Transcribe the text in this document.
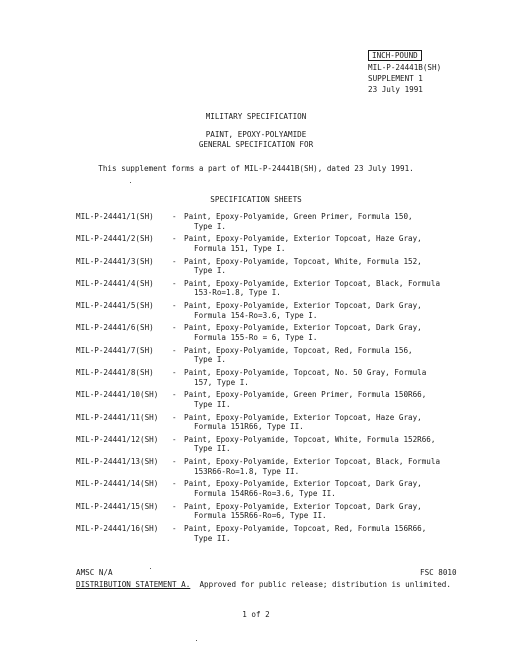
INCH-POUND
MIL-P-24441B(SH)
SUPPLEMENT 1
23 July 1991
MILITARY SPECIFICATION
PAINT, EPOXY-POLYAMIDE
GENERAL SPECIFICATION FOR
This supplement forms a part of MIL-P-24441B(SH), dated 23 July 1991.
SPECIFICATION SHEETS
MIL-P-24441/1(SH)	- Paint, Epoxy-Polyamide, Green Primer, Formula 150,
Type I.
MIL-P-24441/2(SH)	- Paint, Epoxy-Polyamide, Exterior Topcoat, Haze Gray,
Formula 151, Type I.
MIL-P-24441/3(SH)	- Paint, Epoxy-Polyamide, Topcoat, White, Formula 152,
Type I.
MIL-P-24441/4(SH)	- Paint, Epoxy-Polyamide, Exterior Topcoat, Black, Formula
153-Ro=1.8, Type I.
MIL-P-24441/5(SH)	- Paint, Epoxy-Polyamide, Exterior Topcoat, Dark Gray,
Formula 154-Ro=3.6, Type I.
MIL-P-24441/6(SH)	- Paint, Epoxy-Polyamide, Exterior Topcoat, Dark Gray,
Formula 155-Ro = 6, Type I.
MIL-P-24441/7(SH)	- Paint, Epoxy-Polyamide, Topcoat, Red, Formula 156,
Type I.
MIL-P-24441/8(SH)	- Paint, Epoxy-Polyamide, Topcoat, No. 50 Gray, Formula
157, Type I.
MIL-P-24441/10(SH)	- Paint, Epoxy-Polyamide, Green Primer, Formula 150R66,
Type II.
MIL-P-24441/11(SH)	- Paint, Epoxy-Polyamide, Exterior Topcoat, Haze Gray,
Formula 151R66, Type II.
MIL-P-24441/12(SH)	- Paint, Epoxy-Polyamide, Topcoat, White, Formula 152R66,
Type II.
MIL-P-24441/13(SH)	- Paint, Epoxy-Polyamide, Exterior Topcoat, Black, Formula
153R66-Ro=1.8, Type II.
MIL-P-24441/14(SH)	- Paint, Epoxy-Polyamide, Exterior Topcoat, Dark Gray,
Formula 154R66-Ro=3.6, Type II.
MIL-P-24441/15(SH)	- Paint, Epoxy-Polyamide, Exterior Topcoat, Dark Gray,
Formula 155R66-Ro=6, Type II.
MIL-P-24441/16(SH)	- Paint, Epoxy-Polyamide, Topcoat, Red, Formula 156R66,
Type II.
AMSC N/A	FSC 8010
DISTRIBUTION STATEMENT A. Approved for public release; distribution is unlimited.
1 of 2
